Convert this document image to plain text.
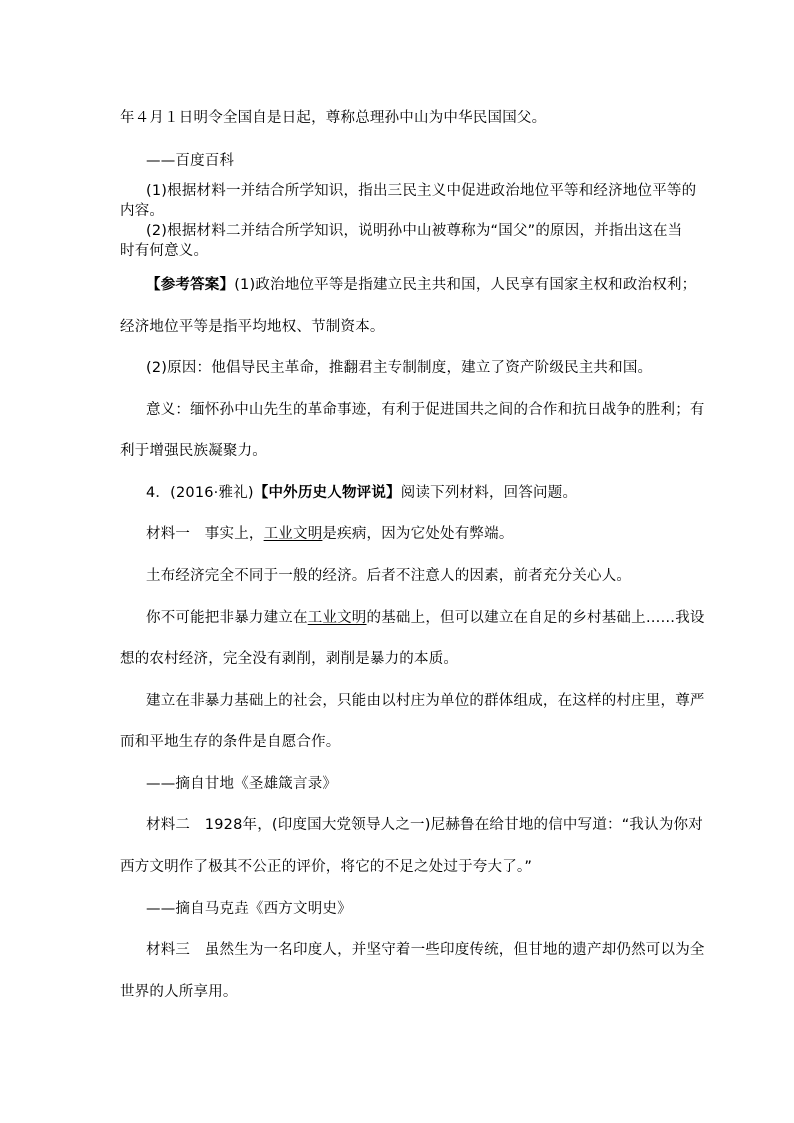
年４月１日明令全国自是日起，尊称总理孙中山为中华民国国父。
——百度百科
(1)根据材料一并结合所学知识，指出三民主义中促进政治地位平等和经济地位平等的
内容。
(2)根据材料二并结合所学知识，说明孙中山被尊称为“国父”的原因，并指出这在当
时有何意义。
【参考答案】(1)政治地位平等是指建立民主共和国，人民享有国家主权和政治权利；
经济地位平等是指平均地权、节制资本。
(2)原因：他倡导民主革命，推翻君主专制制度，建立了资产阶级民主共和国。
意义：缅怀孙中山先生的革命事迹，有利于促进国共之间的合作和抗日战争的胜利；有
利于增强民族凝聚力。
4．(2016·雅礼)【中外历史人物评说】阅读下列材料，回答问题。
材料一　事实上，工业文明是疾病，因为它处处有弊端。
土布经济完全不同于一般的经济。后者不注意人的因素，前者充分关心人。
你不可能把非暴力建立在工业文明的基础上，但可以建立在自足的乡村基础上……我设
想的农村经济，完全没有剥削，剥削是暴力的本质。
建立在非暴力基础上的社会，只能由以村庄为单位的群体组成，在这样的村庄里，尊严
而和平地生存的条件是自愿合作。
——摘自甘地《圣雄箴言录》
材料二　1928年，(印度国大党领导人之一)尼赫鲁在给甘地的信中写道：“我认为你对
西方文明作了极其不公正的评价，将它的不足之处过于夸大了。”
——摘自马克垚《西方文明史》
材料三　虽然生为一名印度人，并坚守着一些印度传统，但甘地的遗产却仍然可以为全
世界的人所享用。
